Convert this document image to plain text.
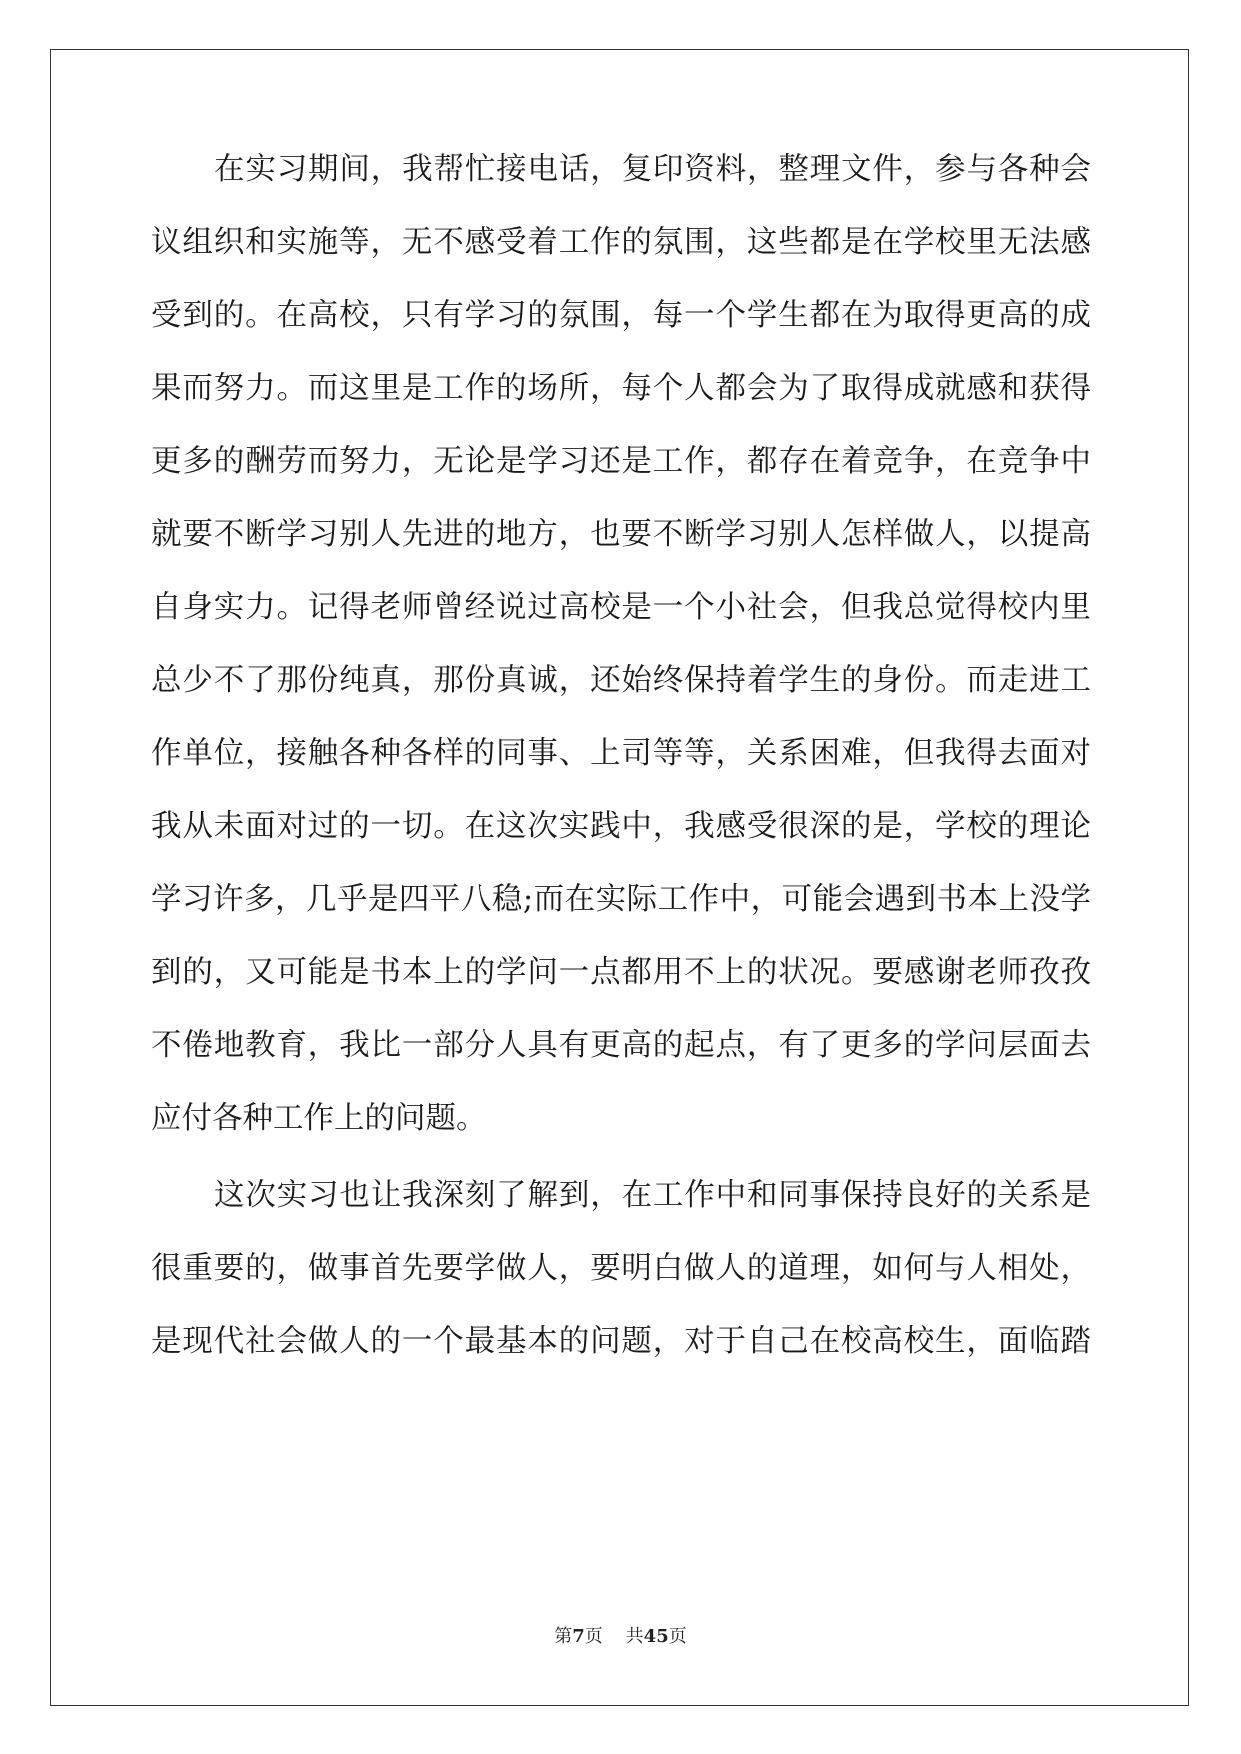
在实习期间，我帮忙接电话，复印资料，整理文件，参与各种会
议组织和实施等，无不感受着工作的氛围，这些都是在学校里无法感
受到的。在高校，只有学习的氛围，每一个学生都在为取得更高的成
果而努力。而这里是工作的场所，每个人都会为了取得成就感和获得
更多的酬劳而努力，无论是学习还是工作，都存在着竞争，在竞争中
就要不断学习别人先进的地方，也要不断学习别人怎样做人，以提高
自身实力。记得老师曾经说过高校是一个小社会，但我总觉得校内里
总少不了那份纯真，那份真诚，还始终保持着学生的身份。而走进工
作单位，接触各种各样的同事、上司等等，关系困难，但我得去面对
我从未面对过的一切。在这次实践中，我感受很深的是，学校的理论
学习许多，几乎是四平八稳;而在实际工作中，可能会遇到书本上没学
到的，又可能是书本上的学问一点都用不上的状况。要感谢老师孜孜
不倦地教育，我比一部分人具有更高的起点，有了更多的学问层面去
应付各种工作上的问题。
这次实习也让我深刻了解到，在工作中和同事保持良好的关系是
很重要的，做事首先要学做人，要明白做人的道理，如何与人相处，
是现代社会做人的一个最基本的问题，对于自己在校高校生，面临踏
第7页 共45页
